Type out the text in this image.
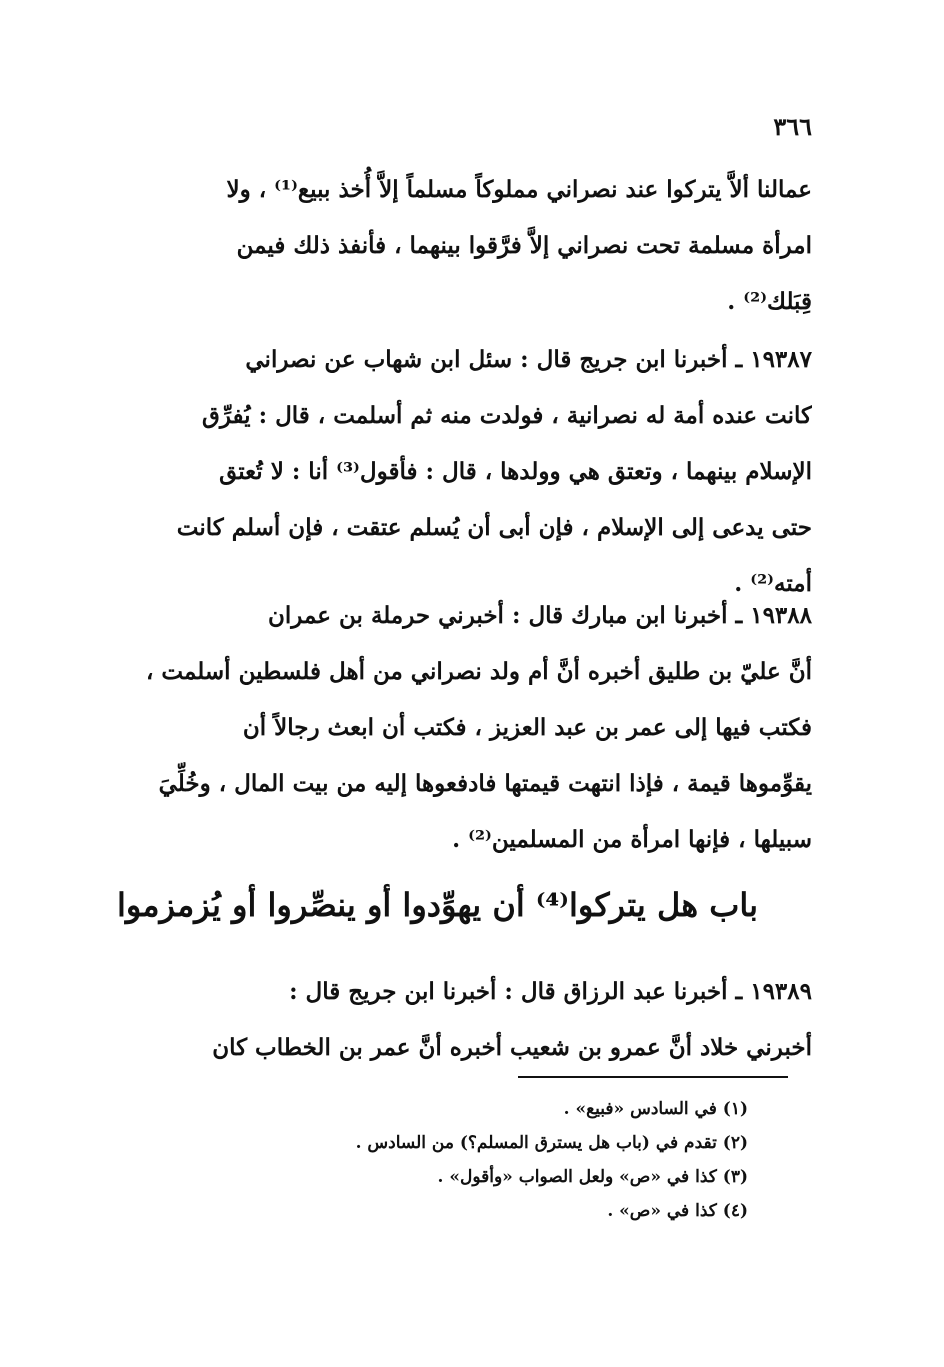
٣٦٦
عمالنا ألاَّ يتركوا عند نصراني مملوكاً مسلماً إلاَّ أُخذ ببيع⁽¹⁾ ، ولا
امرأة مسلمة تحت نصراني إلاَّ فرَّقوا بينهما ، فأنفذ ذلك فيمن
قِبَلك⁽²⁾ .
١٩٣٨٧ ـ أخبرنا ابن جريج قال : سئل ابن شهاب عن نصراني
كانت عنده أمة له نصرانية ، فولدت منه ثم أسلمت ، قال : يُفرِّق
الإسلام بينهما ، وتعتق هي وولدها ، قال : فأقول⁽³⁾ أنا : لا تُعتق
حتى يدعى إلى الإسلام ، فإن أبى أن يُسلم عتقت ، فإن أسلم كانت
أمته⁽²⁾ .
١٩٣٨٨ ـ أخبرنا ابن مبارك قال : أخبرني حرملة بن عمران
أنَّ عليّ بن طليق أخبره أنَّ أم ولد نصراني من أهل فلسطين أسلمت ،
فكتب فيها إلى عمر بن عبد العزيز ، فكتب أن ابعث رجالاً أن
يقوِّموها قيمة ، فإذا انتهت قيمتها فادفعوها إليه من بيت المال ، وخُلِّيَ
سبيلها ، فإنها امرأة من المسلمين⁽²⁾ .
باب هل يتركوا⁽⁴⁾ أن يهوِّدوا أو ينصِّروا أو يُزمزموا
١٩٣٨٩ ـ أخبرنا عبد الرزاق قال : أخبرنا ابن جريج قال :
أخبرني خلاد أنَّ عمرو بن شعيب أخبره أنَّ عمر بن الخطاب كان
(١) في السادس «فبيع» .
(٢) تقدم في (باب هل يسترق المسلم؟) من السادس .
(٣) كذا في «ص» ولعل الصواب «وأقول» .
(٤) كذا في «ص» .
